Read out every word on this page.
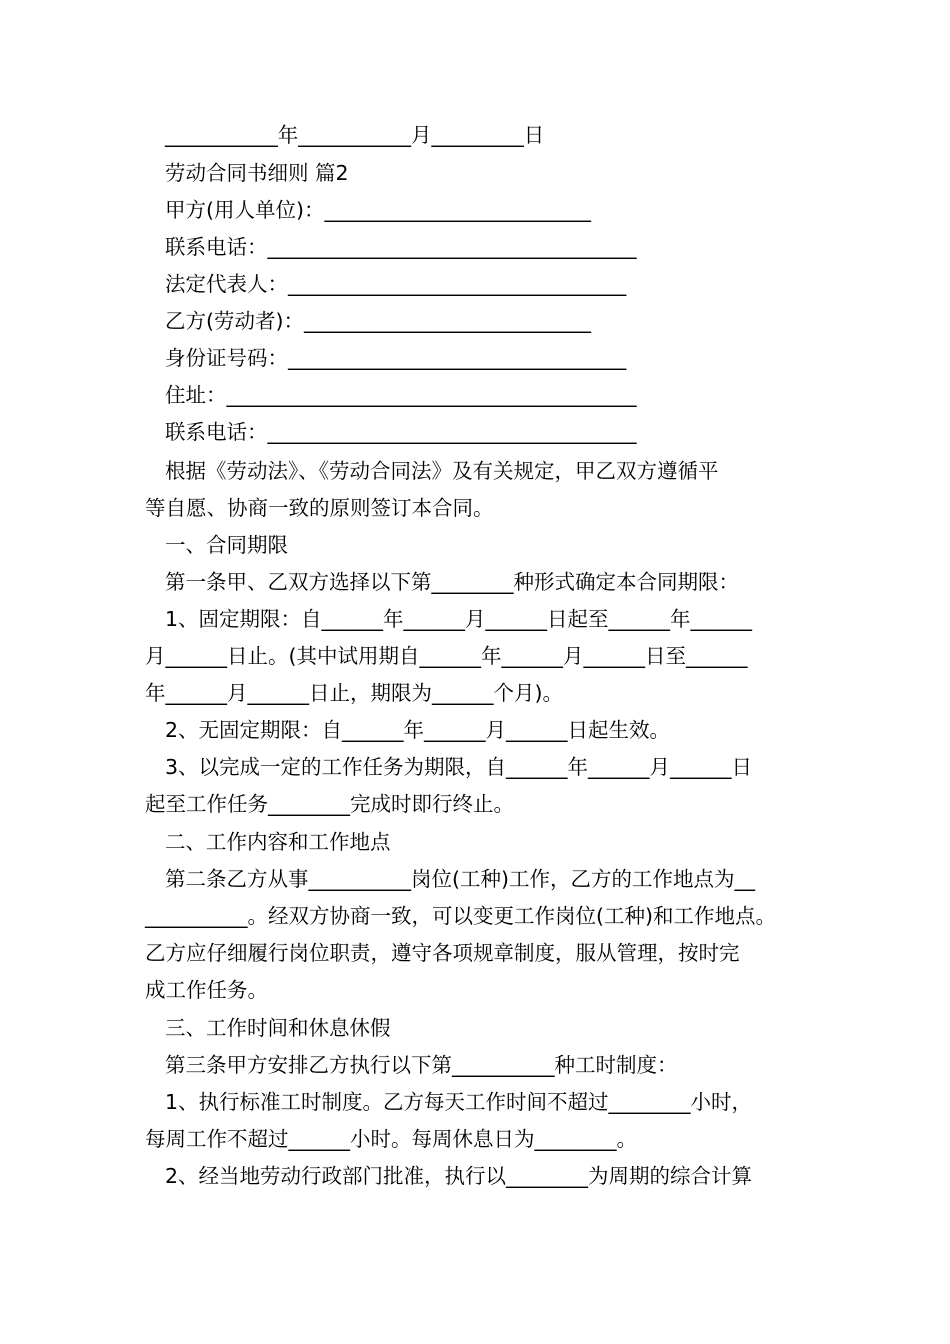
___________年___________月_________日
劳动合同书细则 篇2
甲方(用人单位)：__________________________
联系电话：____________________________________
法定代表人：_________________________________
乙方(劳动者)：____________________________
身份证号码：_________________________________
住址：________________________________________
联系电话：____________________________________
根据《劳动法》、《劳动合同法》及有关规定，甲乙双方遵循平
等自愿、协商一致的原则签订本合同。
一、合同期限
第一条甲、乙双方选择以下第________种形式确定本合同期限：
1、固定期限：自______年______月______日起至______年______
月______日止。(其中试用期自______年______月______日至______
年______月______日止，期限为______个月)。
2、无固定期限：自______年______月______日起生效。
3、以完成一定的工作任务为期限，自______年______月______日
起至工作任务________完成时即行终止。
二、工作内容和工作地点
第二条乙方从事__________岗位(工种)工作，乙方的工作地点为__
__________。经双方协商一致，可以变更工作岗位(工种)和工作地点。
乙方应仔细履行岗位职责，遵守各项规章制度，服从管理，按时完
成工作任务。
三、工作时间和休息休假
第三条甲方安排乙方执行以下第__________种工时制度：
1、执行标准工时制度。乙方每天工作时间不超过________小时，
每周工作不超过______小时。每周休息日为________。
2、经当地劳动行政部门批准，执行以________为周期的综合计算
